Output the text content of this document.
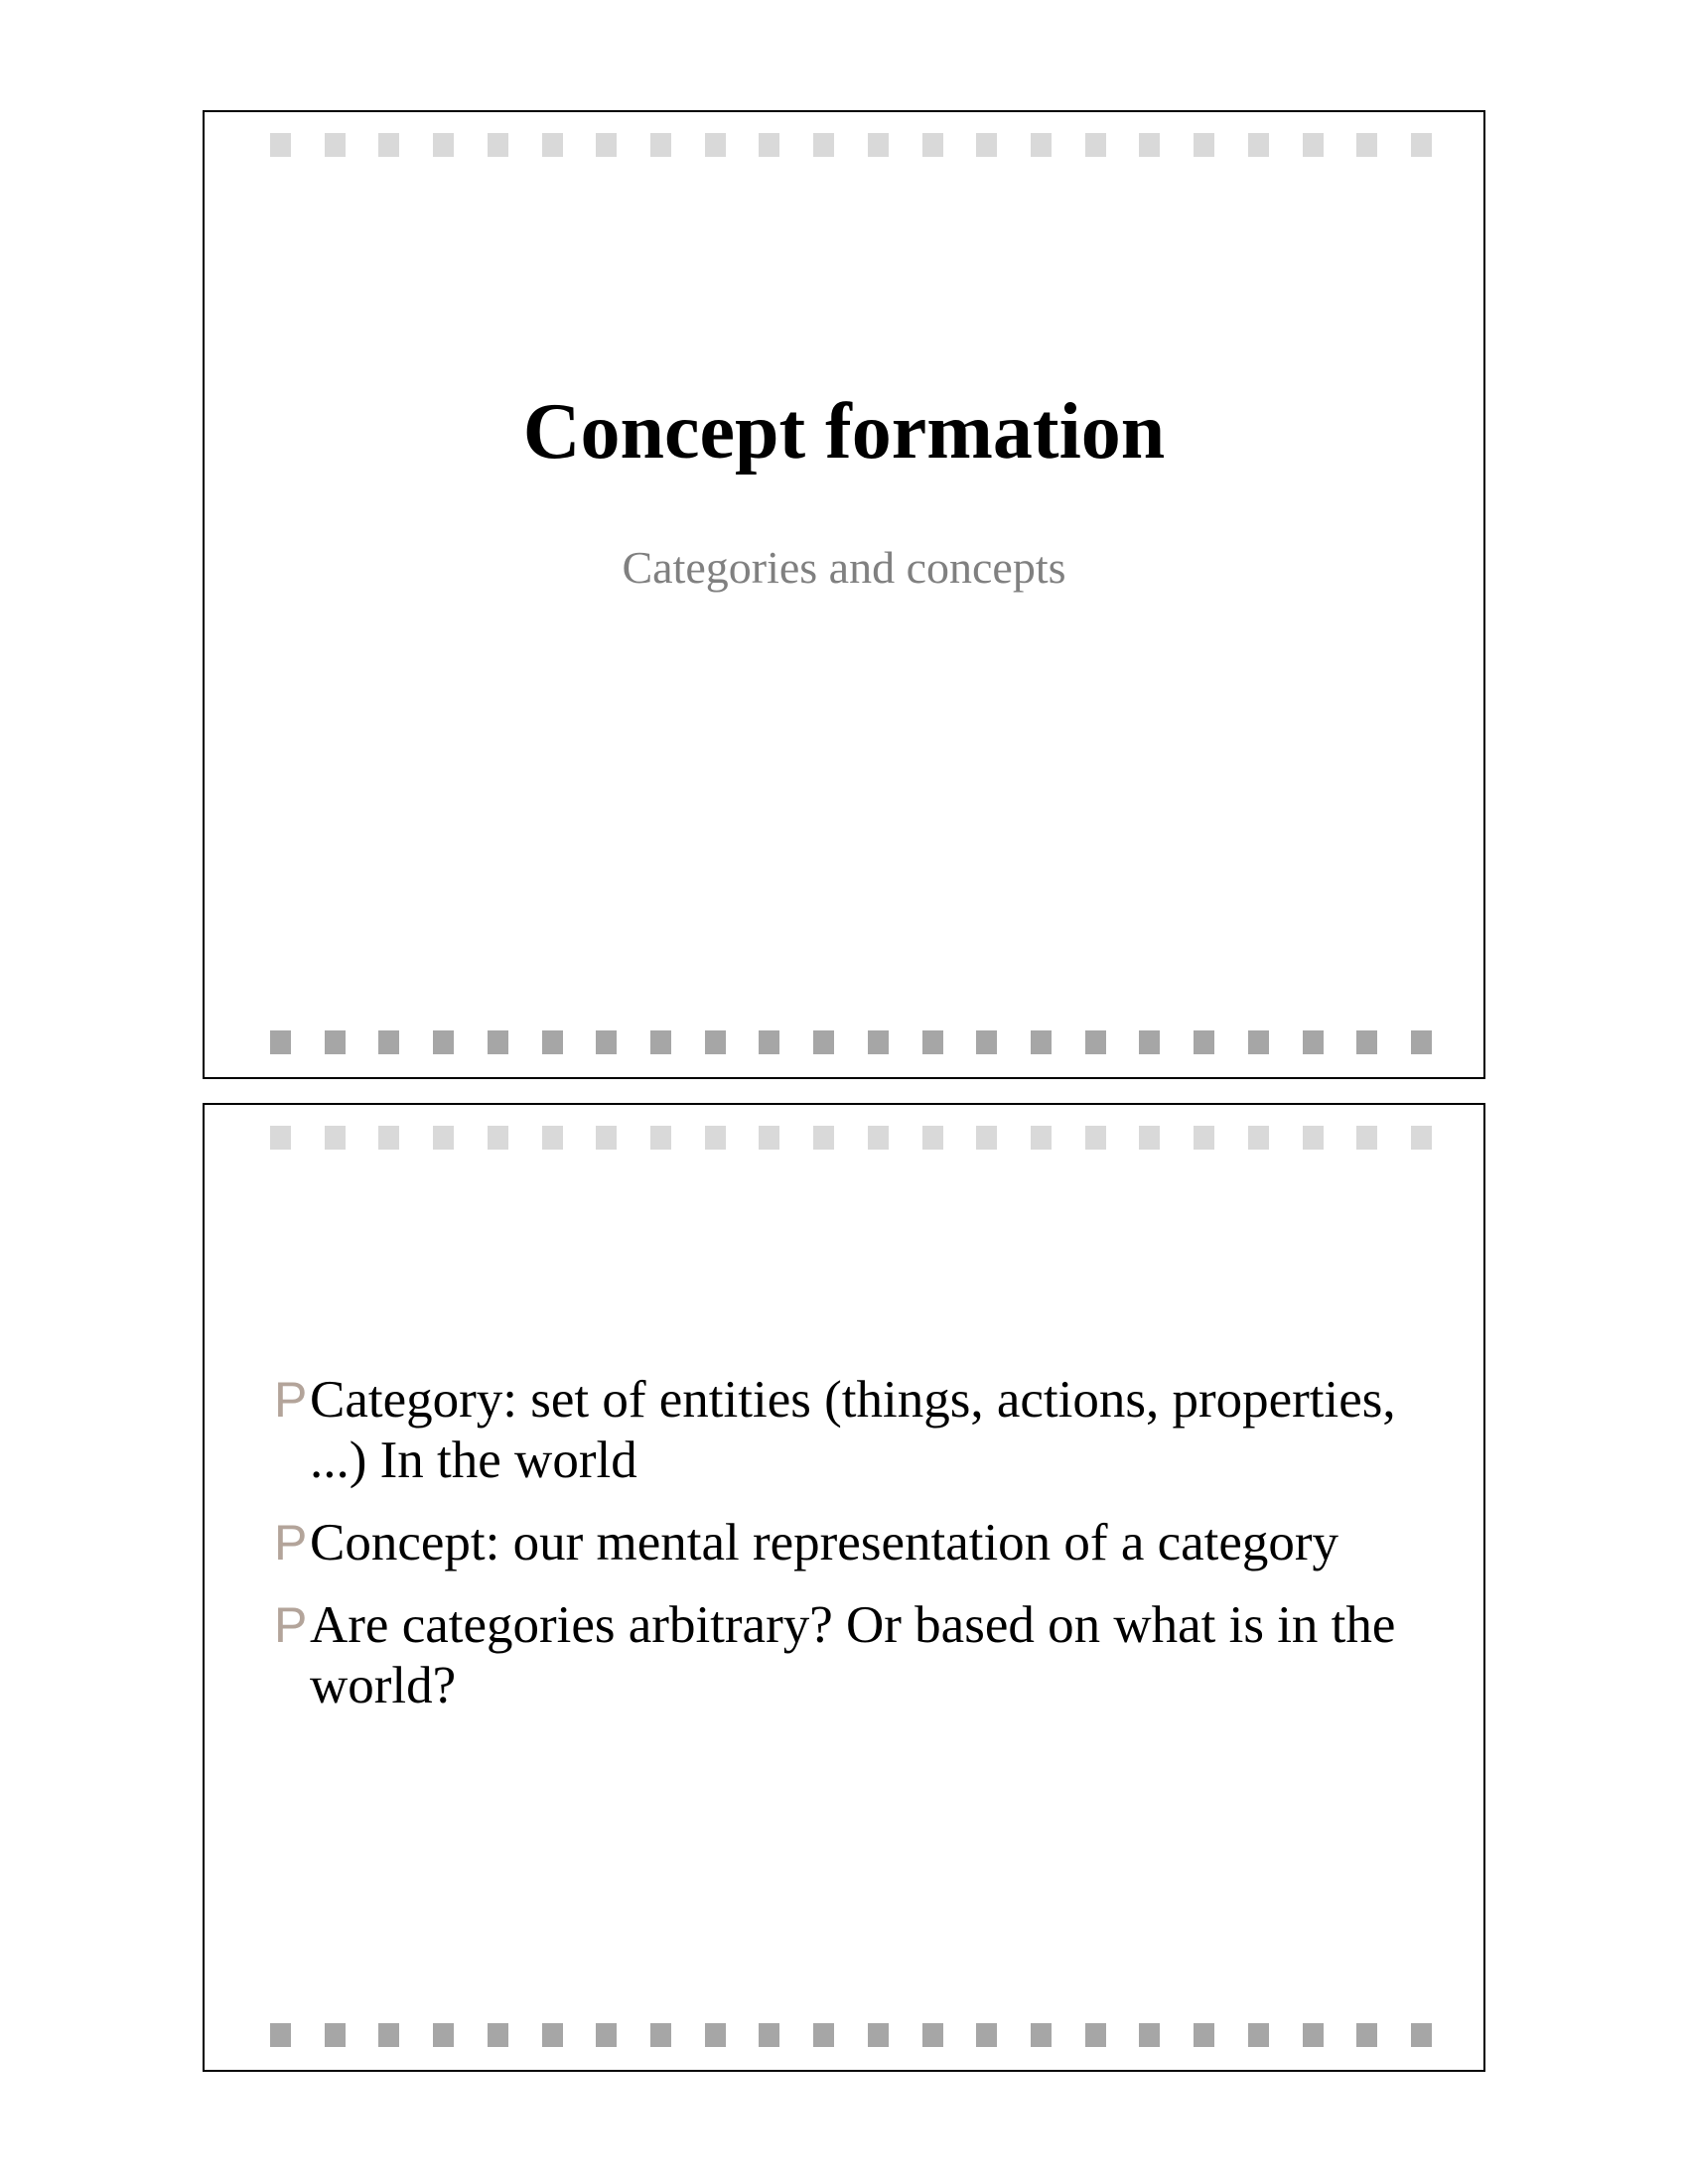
Concept formation

Categories and concepts

P Category: set of entities (things, actions, properties, ...) In the world
P Concept: our mental representation of a category
P Are categories arbitrary? Or based on what is in the world?
